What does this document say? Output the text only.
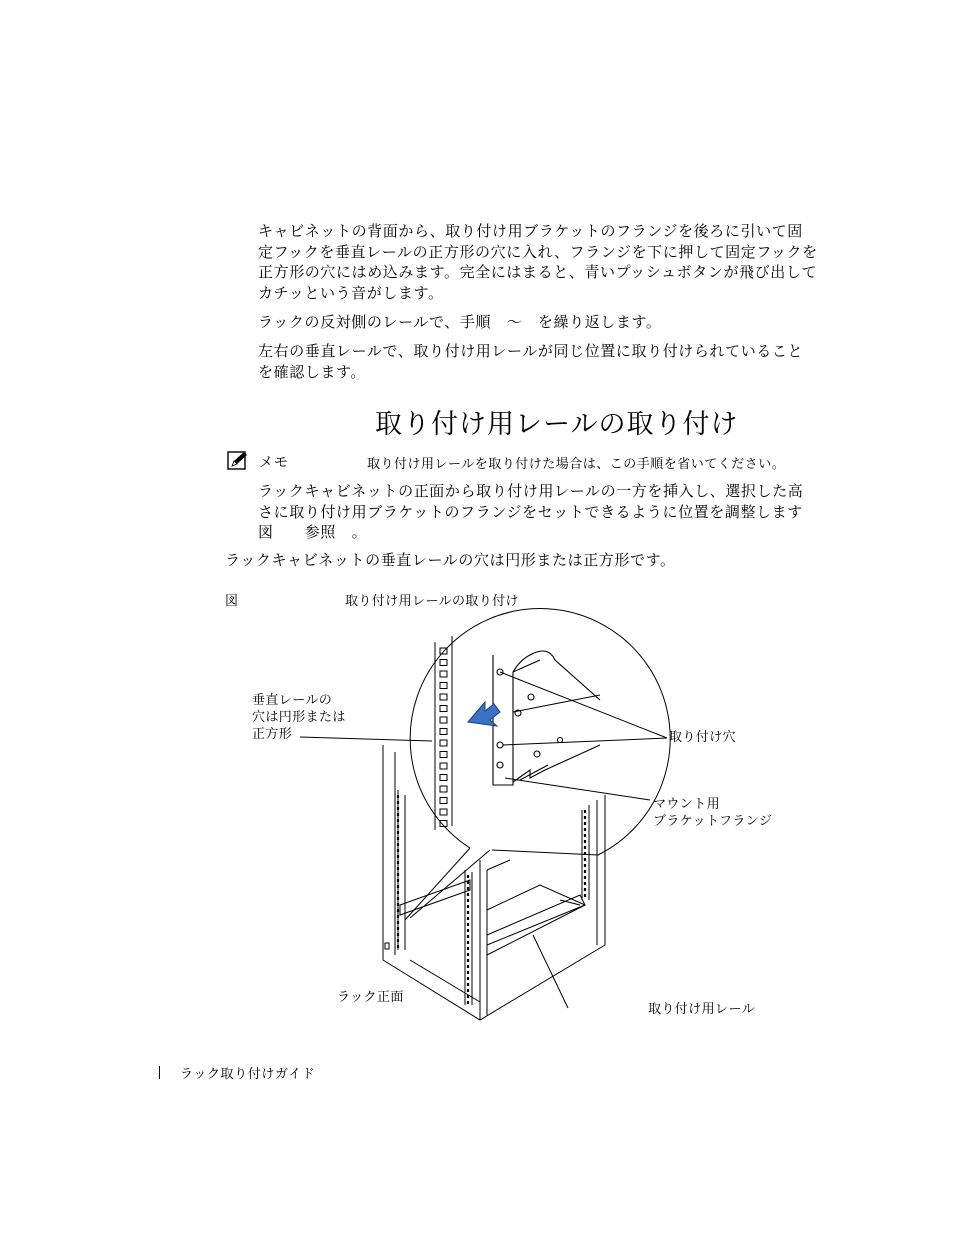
キャビネットの背面から、取り付け用ブラケットのフランジを後ろに引いて固定フックを垂直レールの正方形の穴に入れ、フランジを下に押して固定フックを正方形の穴にはめ込みます。完全にはまると、青いプッシュボタンが飛び出してカチッという音がします。

ラックの反対側のレールで、手順　～　を繰り返します。

左右の垂直レールで、取り付け用レールが同じ位置に取り付けられていることを確認します。

取り付け用レールの取り付け
メモ	取り付け用レールを取り付けた場合は、この手順を省いてください。

ラックキャビネットの正面から取り付け用レールの一方を挿入し、選択した高さに取り付け用ブラケットのフランジをセットできるように位置を調整します　図　　参照　。

ラックキャビネットの垂直レールの穴は円形または正方形です。

図	取り付け用レールの取り付け
垂直レールの
穴は円形または
正方形	取り付け穴
マウント用
ブラケットフランジ
ラック正面
取り付け用レール
ラック取り付けガイド
